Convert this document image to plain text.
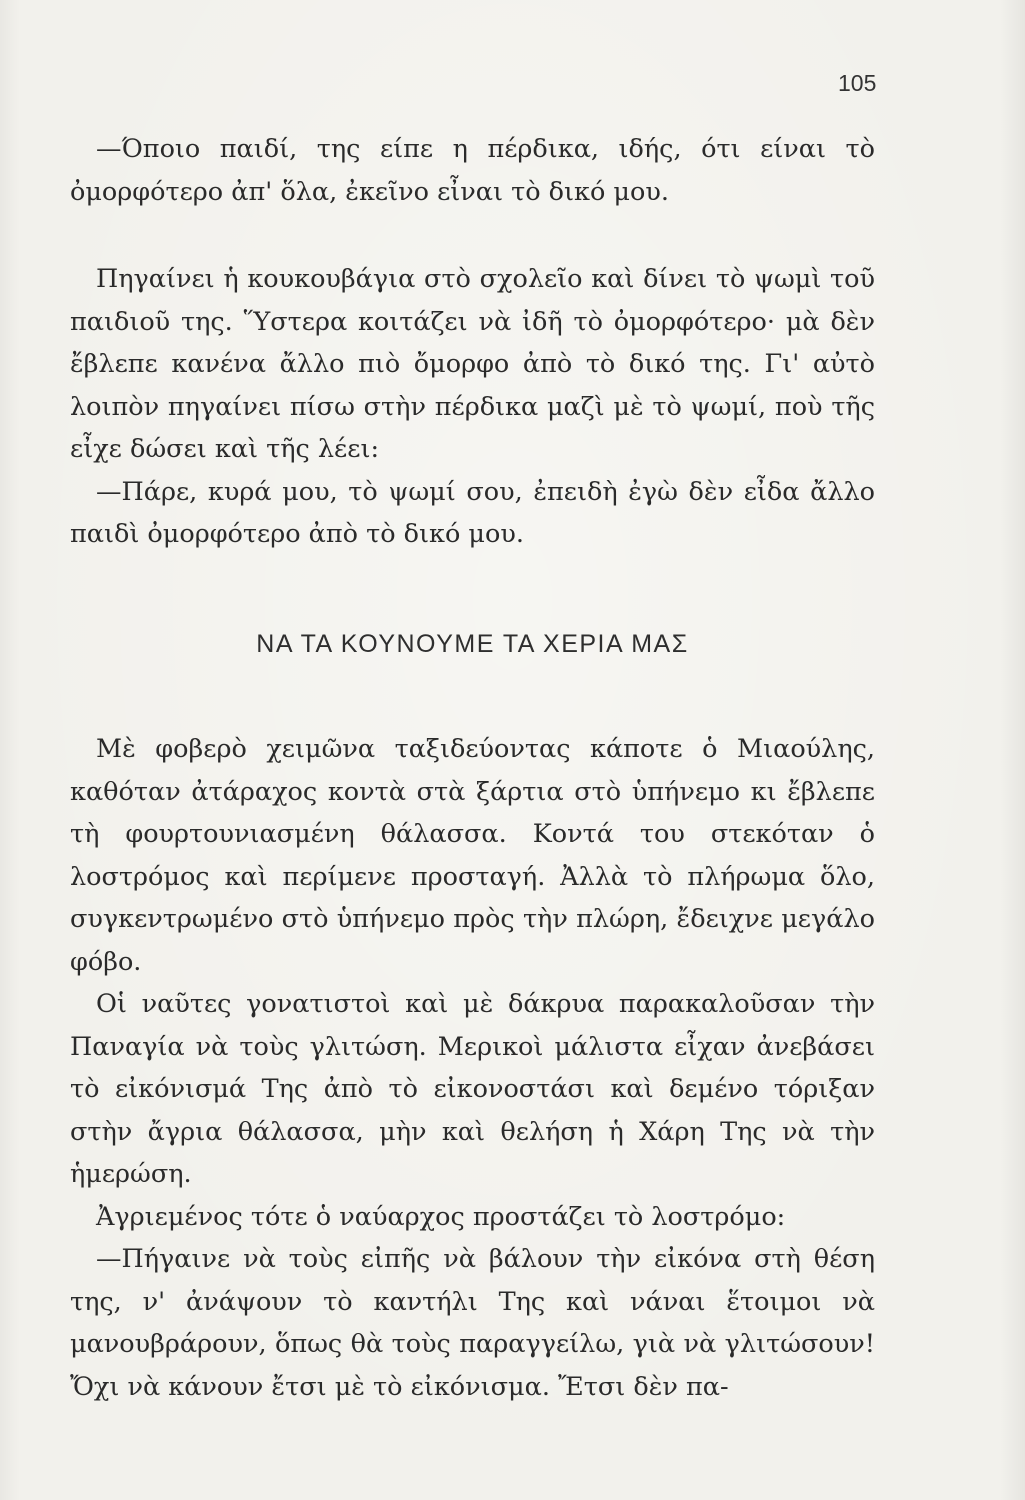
105

—Όποιο παιδί, της είπε η πέρδικα, ιδής, ότι είναι τὸ ὀμορφότερο ἀπ' ὅλα, ἐκεῖνο εἶναι τὸ δικό μου.

Πηγαίνει ἡ κουκουβάγια στὸ σχολεῖο καὶ δίνει τὸ ψωμὶ τοῦ παιδιοῦ της. Ὕστερα κοιτάζει νὰ ἰδῆ τὸ ὀμορφότερο· μὰ δὲν ἔβλεπε κανένα ἄλλο πιὸ ὄμορφο ἀπὸ τὸ δικό της. Γι' αὐτὸ λοιπὸν πηγαίνει πίσω στὴν πέρδικα μαζὶ μὲ τὸ ψωμί, ποὺ τῆς εἶχε δώσει καὶ τῆς λέει:

—Πάρε, κυρά μου, τὸ ψωμί σου, ἐπειδὴ ἐγὼ δὲν εἶδα ἄλλο παιδὶ ὀμορφότερο ἀπὸ τὸ δικό μου.

ΝΑ ΤΑ ΚΟΥΝΟΥΜΕ ΤΑ ΧΕΡΙΑ ΜΑΣ

Μὲ φοβερὸ χειμῶνα ταξιδεύοντας κάποτε ὁ Μιαούλης, καθόταν ἀτάραχος κοντὰ στὰ ξάρτια στὸ ὑπήνεμο κι ἔβλεπε τὴ φουρτουνιασμένη θάλασσα. Κοντά του στεκόταν ὁ λοστρόμος καὶ περίμενε προσταγή. Ἀλλὰ τὸ πλήρωμα ὅλο, συγκεντρωμένο στὸ ὑπήνεμο πρὸς τὴν πλώρη, ἔδειχνε μεγάλο φόβο.

Οἱ ναῦτες γονατιστοὶ καὶ μὲ δάκρυα παρακαλοῦσαν τὴν Παναγία νὰ τοὺς γλιτώση. Μερικοὶ μάλιστα εἶχαν ἀνεβάσει τὸ εἰκόνισμά Της ἀπὸ τὸ εἰκονοστάσι καὶ δεμένο τόριξαν στὴν ἄγρια θάλασσα, μὴν καὶ θελήση ἡ Χάρη Της νὰ τὴν ἡμερώση.

Ἀγριεμένος τότε ὁ ναύαρχος προστάζει τὸ λοστρόμο:

—Πήγαινε νὰ τοὺς εἰπῆς νὰ βάλουν τὴν εἰκόνα στὴ θέση της, ν' ἀνάψουν τὸ καντήλι Της καὶ νάναι ἕτοιμοι νὰ μανουβράρουν, ὅπως θὰ τοὺς παραγγείλω, γιὰ νὰ γλιτώσουν! Ὄχι νὰ κάνουν ἔτσι μὲ τὸ εἰκόνισμα. Ἔτσι δὲν πα-
